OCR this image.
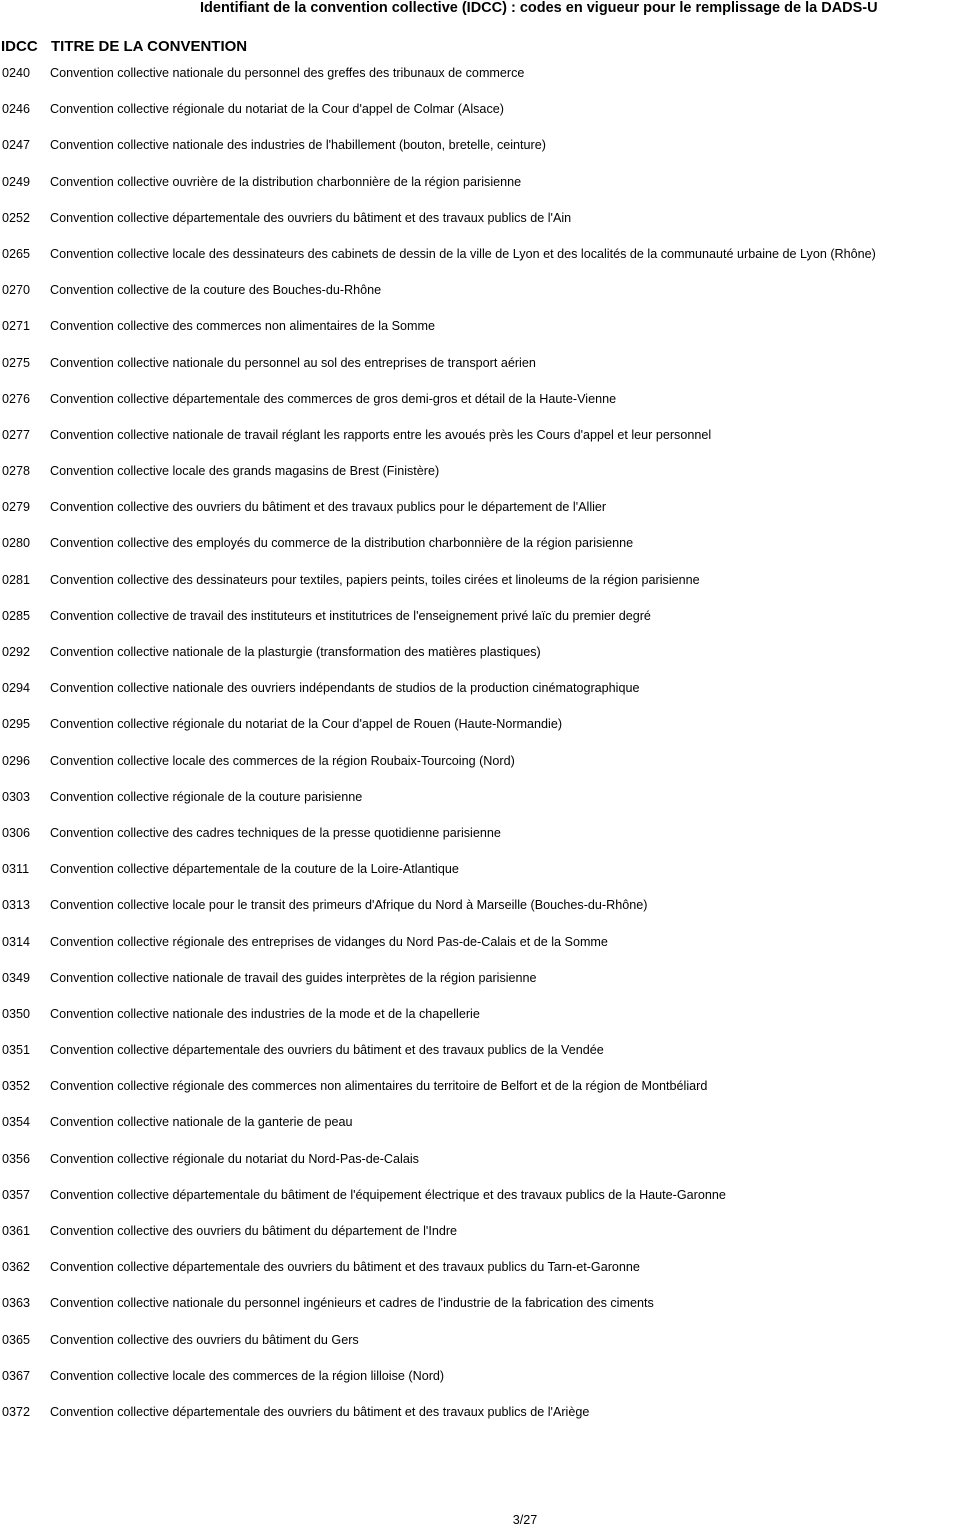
Identifiant de la convention collective (IDCC) : codes en vigueur pour le remplissage de la DADS-U
IDCC TITRE DE LA CONVENTION
0240 Convention collective nationale du personnel des greffes des tribunaux de commerce
0246 Convention collective régionale du notariat de la Cour d'appel de Colmar (Alsace)
0247 Convention collective nationale des industries de l'habillement (bouton, bretelle, ceinture)
0249 Convention collective ouvrière de la distribution charbonnière de la région parisienne
0252 Convention collective départementale des ouvriers du bâtiment et des travaux publics de l'Ain
0265 Convention collective locale des dessinateurs des cabinets de dessin de la ville de Lyon et des localités de la communauté urbaine de Lyon (Rhône)
0270 Convention collective de la couture des Bouches-du-Rhône
0271 Convention collective des commerces non alimentaires de la Somme
0275 Convention collective nationale du personnel au sol des entreprises de transport aérien
0276 Convention collective départementale des commerces de gros demi-gros et détail de la Haute-Vienne
0277 Convention collective nationale de travail réglant les rapports entre les avoués près les Cours d'appel et leur personnel
0278 Convention collective locale des grands magasins de Brest (Finistère)
0279 Convention collective des ouvriers du bâtiment et des travaux publics pour le département de l'Allier
0280 Convention collective des employés du commerce de la distribution charbonnière de la région parisienne
0281 Convention collective des dessinateurs pour textiles, papiers peints, toiles cirées et linoleums de la région parisienne
0285 Convention collective de travail des instituteurs et institutrices de l'enseignement privé laïc du premier degré
0292 Convention collective nationale de la plasturgie (transformation des matières plastiques)
0294 Convention collective nationale des ouvriers indépendants de studios de la production cinématographique
0295 Convention collective régionale du notariat de la Cour d'appel de Rouen (Haute-Normandie)
0296 Convention collective locale des commerces de la région Roubaix-Tourcoing (Nord)
0303 Convention collective régionale de la couture parisienne
0306 Convention collective des cadres techniques de la presse quotidienne parisienne
0311 Convention collective départementale de la couture de la Loire-Atlantique
0313 Convention collective locale pour le transit des primeurs d'Afrique du Nord à Marseille (Bouches-du-Rhône)
0314 Convention collective régionale des entreprises de vidanges du Nord Pas-de-Calais et de la Somme
0349 Convention collective nationale de travail des guides interprètes de la région parisienne
0350 Convention collective nationale des industries de la mode et de la chapellerie
0351 Convention collective départementale des ouvriers du bâtiment et des travaux publics de la Vendée
0352 Convention collective régionale des commerces non alimentaires du territoire de Belfort et de la région de Montbéliard
0354 Convention collective nationale de la ganterie de peau
0356 Convention collective régionale du notariat du Nord-Pas-de-Calais
0357 Convention collective départementale du bâtiment de l'équipement électrique et des travaux publics de la Haute-Garonne
0361 Convention collective des ouvriers du bâtiment du département de l'Indre
0362 Convention collective départementale des ouvriers du bâtiment et des travaux publics du Tarn-et-Garonne
0363 Convention collective nationale du personnel ingénieurs et cadres de l'industrie de la fabrication des ciments
0365 Convention collective des ouvriers du bâtiment du Gers
0367 Convention collective locale des commerces de la région lilloise (Nord)
0372 Convention collective départementale des ouvriers du bâtiment et des travaux publics de l'Ariège
3/27
